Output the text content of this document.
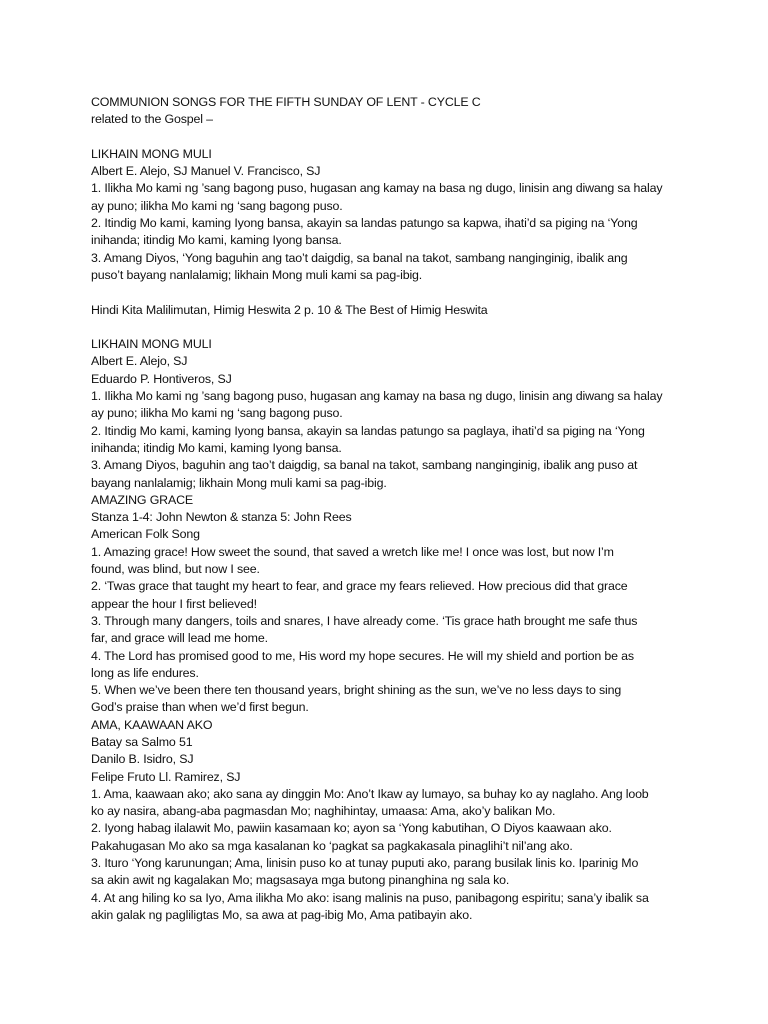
COMMUNION SONGS FOR THE FIFTH SUNDAY OF LENT - CYCLE C
related to the Gospel –
LIKHAIN MONG MULI
Albert E. Alejo, SJ Manuel V. Francisco, SJ
1. Ilikha Mo kami ng ’sang bagong puso, hugasan ang kamay na basa ng dugo, linisin ang diwang sa halay
ay puno; ilikha Mo kami ng ‘sang bagong puso.
2. Itindig Mo kami, kaming Iyong bansa, akayin sa landas patungo sa kapwa, ihati’d sa piging na ‘Yong
inihanda; itindig Mo kami, kaming Iyong bansa.
3. Amang Diyos, ‘Yong baguhin ang tao’t daigdig, sa banal na takot, sambang nanginginig, ibalik ang
puso’t bayang nanlalamig; likhain Mong muli kami sa pag-ibig.
Hindi Kita Malilimutan, Himig Heswita 2 p. 10 & The Best of Himig Heswita
LIKHAIN MONG MULI
Albert E. Alejo, SJ
Eduardo P. Hontiveros, SJ
1. Ilikha Mo kami ng ’sang bagong puso, hugasan ang kamay na basa ng dugo, linisin ang diwang sa halay
ay puno; ilikha Mo kami ng ‘sang bagong puso.
2. Itindig Mo kami, kaming Iyong bansa, akayin sa landas patungo sa paglaya, ihati’d sa piging na ‘Yong
inihanda; itindig Mo kami, kaming Iyong bansa.
3. Amang Diyos, baguhin ang tao’t daigdig, sa banal na takot, sambang nanginginig, ibalik ang puso at
bayang nanlalamig; likhain Mong muli kami sa pag-ibig.
AMAZING GRACE
Stanza 1-4: John Newton & stanza 5: John Rees
American Folk Song
1. Amazing grace! How sweet the sound, that saved a wretch like me! I once was lost, but now I’m
found, was blind, but now I see.
2. ‘Twas grace that taught my heart to fear, and grace my fears relieved. How precious did that grace
appear the hour I first believed!
3. Through many dangers, toils and snares, I have already come. ‘Tis grace hath brought me safe thus
far, and grace will lead me home.
4. The Lord has promised good to me, His word my hope secures. He will my shield and portion be as
long as life endures.
5. When we’ve been there ten thousand years, bright shining as the sun, we’ve no less days to sing
God’s praise than when we’d first begun.
AMA, KAAWAAN AKO
Batay sa Salmo 51
Danilo B. Isidro, SJ
Felipe Fruto Ll. Ramirez, SJ
1. Ama, kaawaan ako; ako sana ay dinggin Mo: Ano’t Ikaw ay lumayo, sa buhay ko ay naglaho. Ang loob
ko ay nasira, abang-aba pagmasdan Mo; naghihintay, umaasa: Ama, ako’y balikan Mo.
2. Iyong habag ilalawit Mo, pawiin kasamaan ko; ayon sa ‘Yong kabutihan, O Diyos kaawaan ako.
Pakahugasan Mo ako sa mga kasalanan ko ‘pagkat sa pagkakasala pinaglihi’t nil’ang ako.
3. Ituro ‘Yong karunungan; Ama, linisin puso ko at tunay puputi ako, parang busilak linis ko. Iparinig Mo
sa akin awit ng kagalakan Mo; magsasaya mga butong pinanghina ng sala ko.
4. At ang hiling ko sa Iyo, Ama ilikha Mo ako: isang malinis na puso, panibagong espiritu; sana’y ibalik sa
akin galak ng pagliligtas Mo, sa awa at pag-ibig Mo, Ama patibayin ako.
